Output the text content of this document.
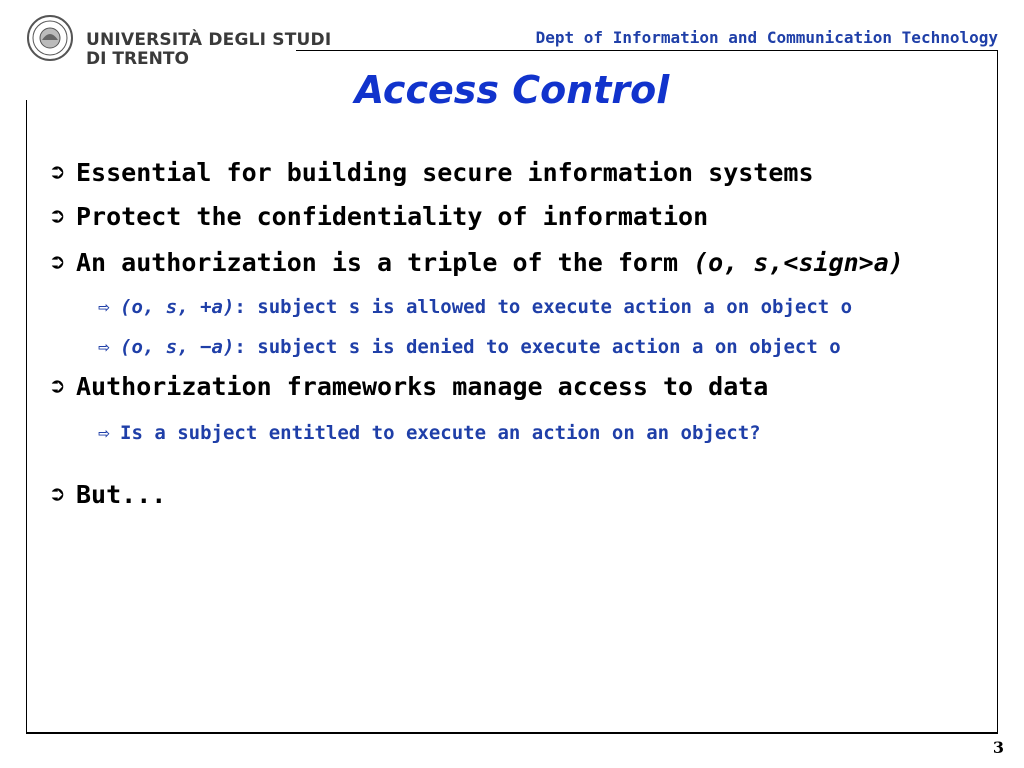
UNIVERSITÀ DEGLI STUDI
DI TRENTO
Dept of Information and Communication Technology
Access Control
➲ Essential for building secure information systems
➲ Protect the confidentiality of information
➲ An authorization is a triple of the form (o, s,<sign>a)
⇨ (o, s, +a): subject s is allowed to execute action a on object o
⇨ (o, s, −a): subject s is denied to execute action a on object o
➲ Authorization frameworks manage access to data
⇨ Is a subject entitled to execute an action on an object?
➲ But...
3
